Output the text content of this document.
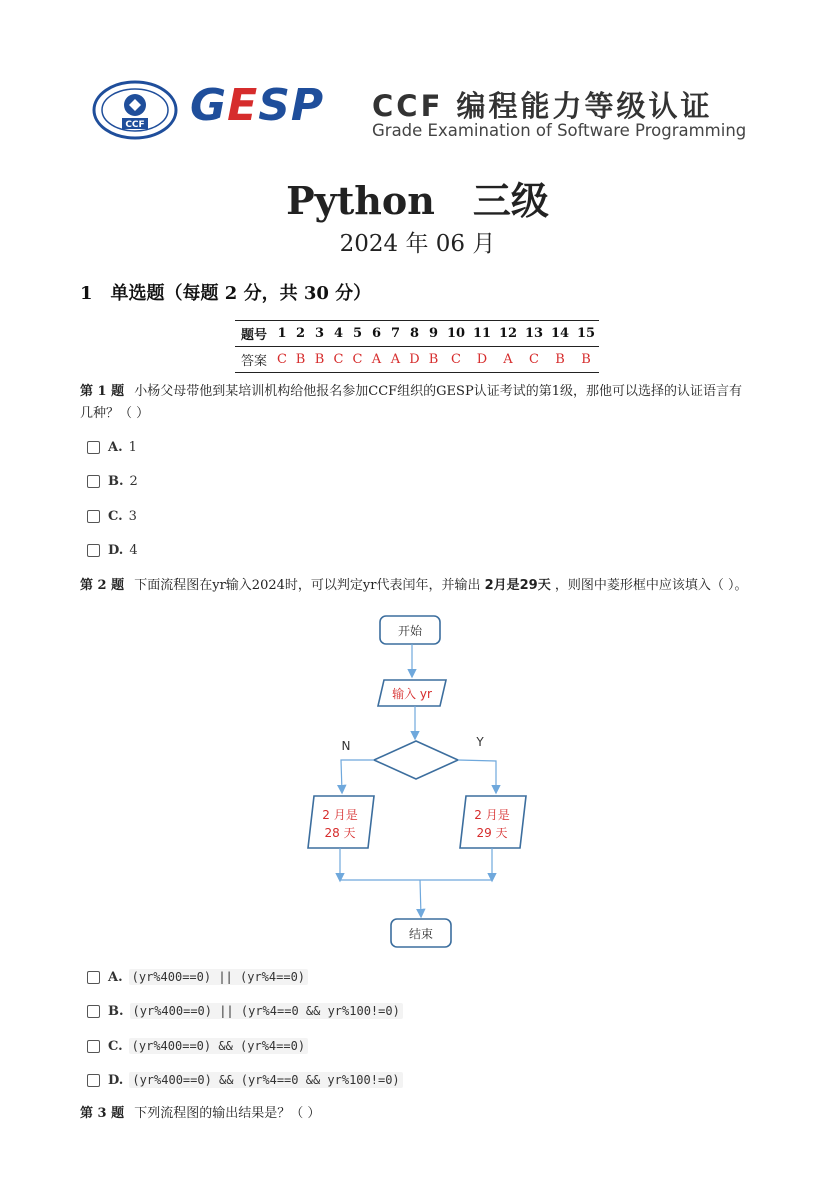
CCF GESP CCF 编程能力等级认证
Grade Examination of Software Programming
Python　三级
2024 年 06 月
1　单选题（每题 2 分，共 30 分）
题号	1	2	3	4	5	6	7	8	9	10	11	12	13	14	15
答案	C	B	B	C	C	A	A	D	B	C	D	A	C	B	B
第 1 题 小杨父母带他到某培训机构给他报名参加CCF组织的GESP认证考试的第1级，那他可以选择的认证语言有几种？（ ）
A. 1
B. 2
C. 3
D. 4
第 2 题 下面流程图在yr输入2024时，可以判定yr代表闰年，并输出 2月是29天 ，则图中菱形框中应该填入（ ）。
开始
输入 yr
N	Y
2 月是
28 天
2 月是
29 天
结束
A. (yr%400==0) || (yr%4==0)
B. (yr%400==0) || (yr%4==0 && yr%100!=0)
C. (yr%400==0) && (yr%4==0)
D. (yr%400==0) && (yr%4==0 && yr%100!=0)
第 3 题 下列流程图的输出结果是？（ ）
